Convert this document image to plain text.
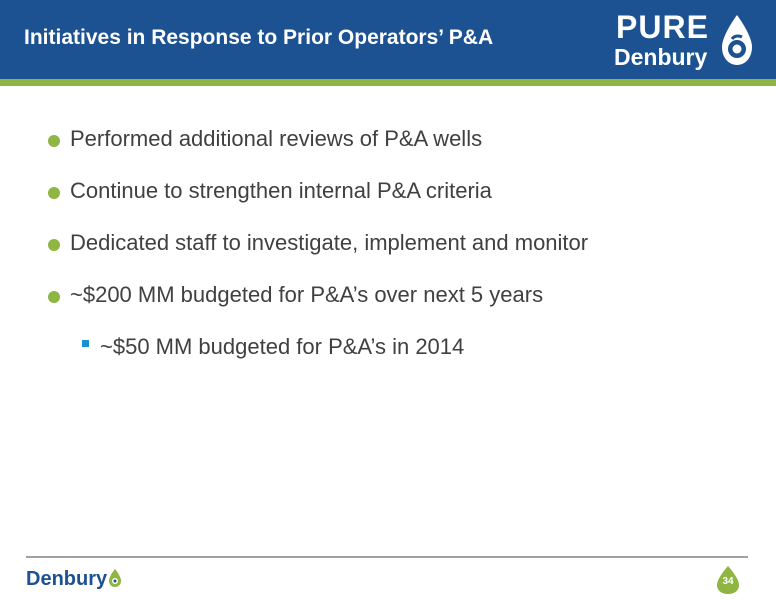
Initiatives in Response to Prior Operators’ P&A	PURE
Denbury
Performed additional reviews of P&A wells
Continue to strengthen internal P&A criteria
Dedicated staff to investigate, implement and monitor
~$200 MM budgeted for P&A’s over next 5 years
~$50 MM budgeted for P&A’s in 2014
Denbury	34
